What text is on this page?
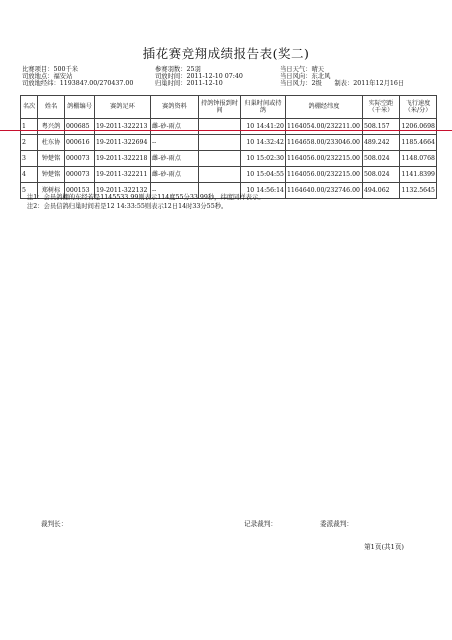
插花赛竞翔成绩报告表(奖二)
比赛项目：500千米	参赛羽数：25羽	当日天气：晴天
司放地点：福安站	司放时间：2011-12-10 07:40	当日风向：东北风
司放地经纬：119384?.00/270437.00	归巢时间：2011-12-10	当日风力：2级　　制表：2011年12月16日
名次	姓名	鸽棚编号	赛鸽足环	赛鸽资料	持鸽钟报到时间	归巢时间或持鸽	鸽棚经纬度	实际空距（千米）	飞行速度（米/分）
1	粤兴鸽	000685	19-2011-322213	雌-砂-雨点		10 14:41:20	1164054.00/232211.00	508.157	1206.0698
2	杜东协	000616	19-2011-322694	--		10 14:32:42	1164658.00/233046.00	489.242	1185.4664
3	钟楚铭	000073	19-2011-322218	雌-砂-雨点		10 15:02:30	1164056.00/232215.00	508.024	1148.0768
4	钟楚铭	000073	19-2011-322211	雌-砂-雨点		10 15:04:55	1164056.00/232215.00	508.024	1141.8399
5	郑树标	000153	19-2011-322132	--		10 14:56:14	1164640.00/232746.00	494.062	1132.5645
注1：会员鸽棚的东经若是1145533.99则表示114度55分33.99秒，纬度同样表示。
注2：会员信鸽归巢时间若是12 14:33:55则表示12日14时33分55秒。
裁判长：	记录裁判：	委派裁判：
第1页(共1页)
